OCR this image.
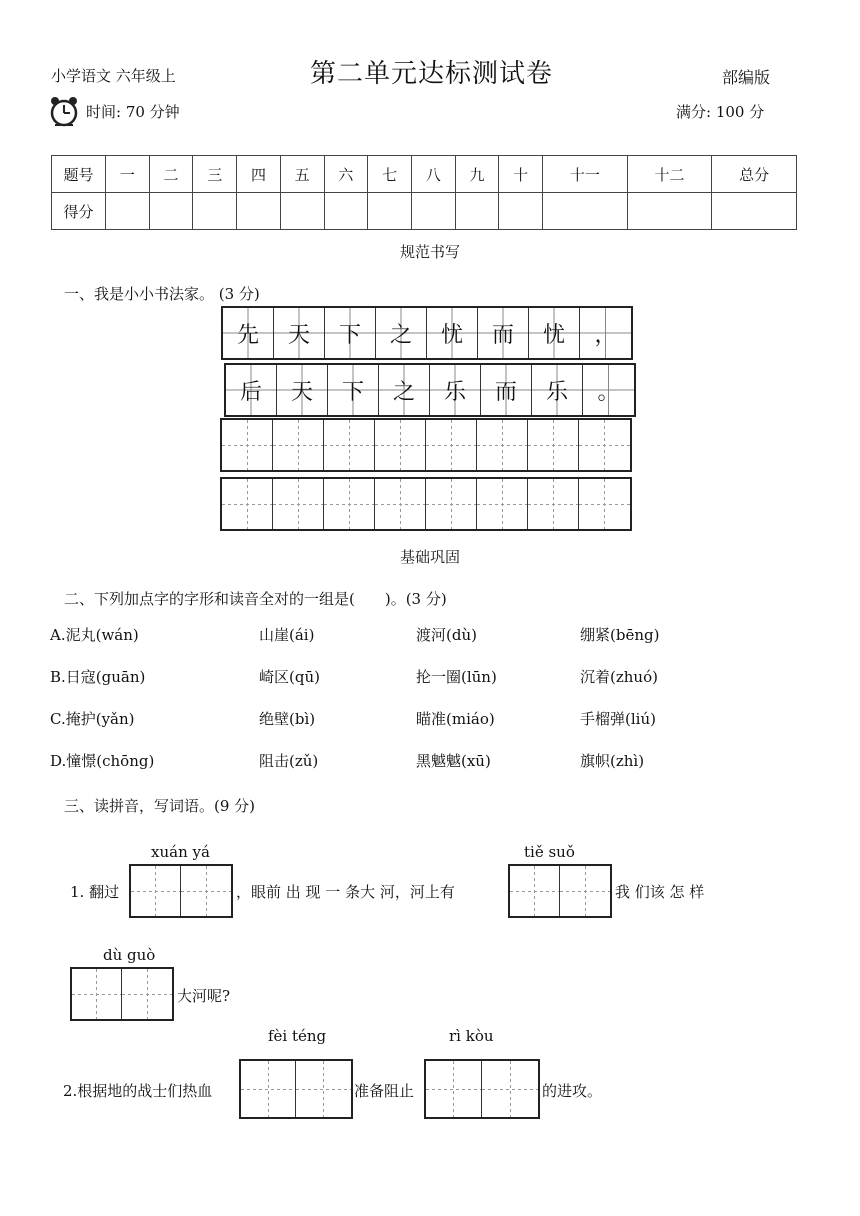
小学语文 六年级上	第二单元达标测试卷	部编版
时间: 70 分钟	满分: 100 分
题号	一	二	三	四	五	六	七	八	九	十	十一	十二	总分
得分													
规范书写
一、我是小小书法家。 (3 分)
先	天	下	之	忧	而	忧	，
后	天	下	之	乐	而	乐	。
基础巩固
二、下列加点字的字形和读音全对的一组是(　　)。(3 分)
A.泥丸(wán)	山崖(ái)	渡河(dù)	绷紧(bēng)
B.日寇(guān)	崎区(qū)	抡一圈(lūn)	沉着(zhuó)
C.掩护(yǎn)	绝壁(bì)	瞄准(miáo)	手榴弹(liú)
D.憧憬(chōng)	阻击(zǔ)	黑魆魆(xū)	旗帜(zhì)
三、读拼音，写词语。(9 分)
xuán yá	tiě suǒ
1. 翻过	，眼前 出 现 一 条大 河，河上有	我 们该 怎 样
dù guò
大河呢?
fèi téng	rì kòu
2.根据地的战士们热血	准备阻止	的进攻。
